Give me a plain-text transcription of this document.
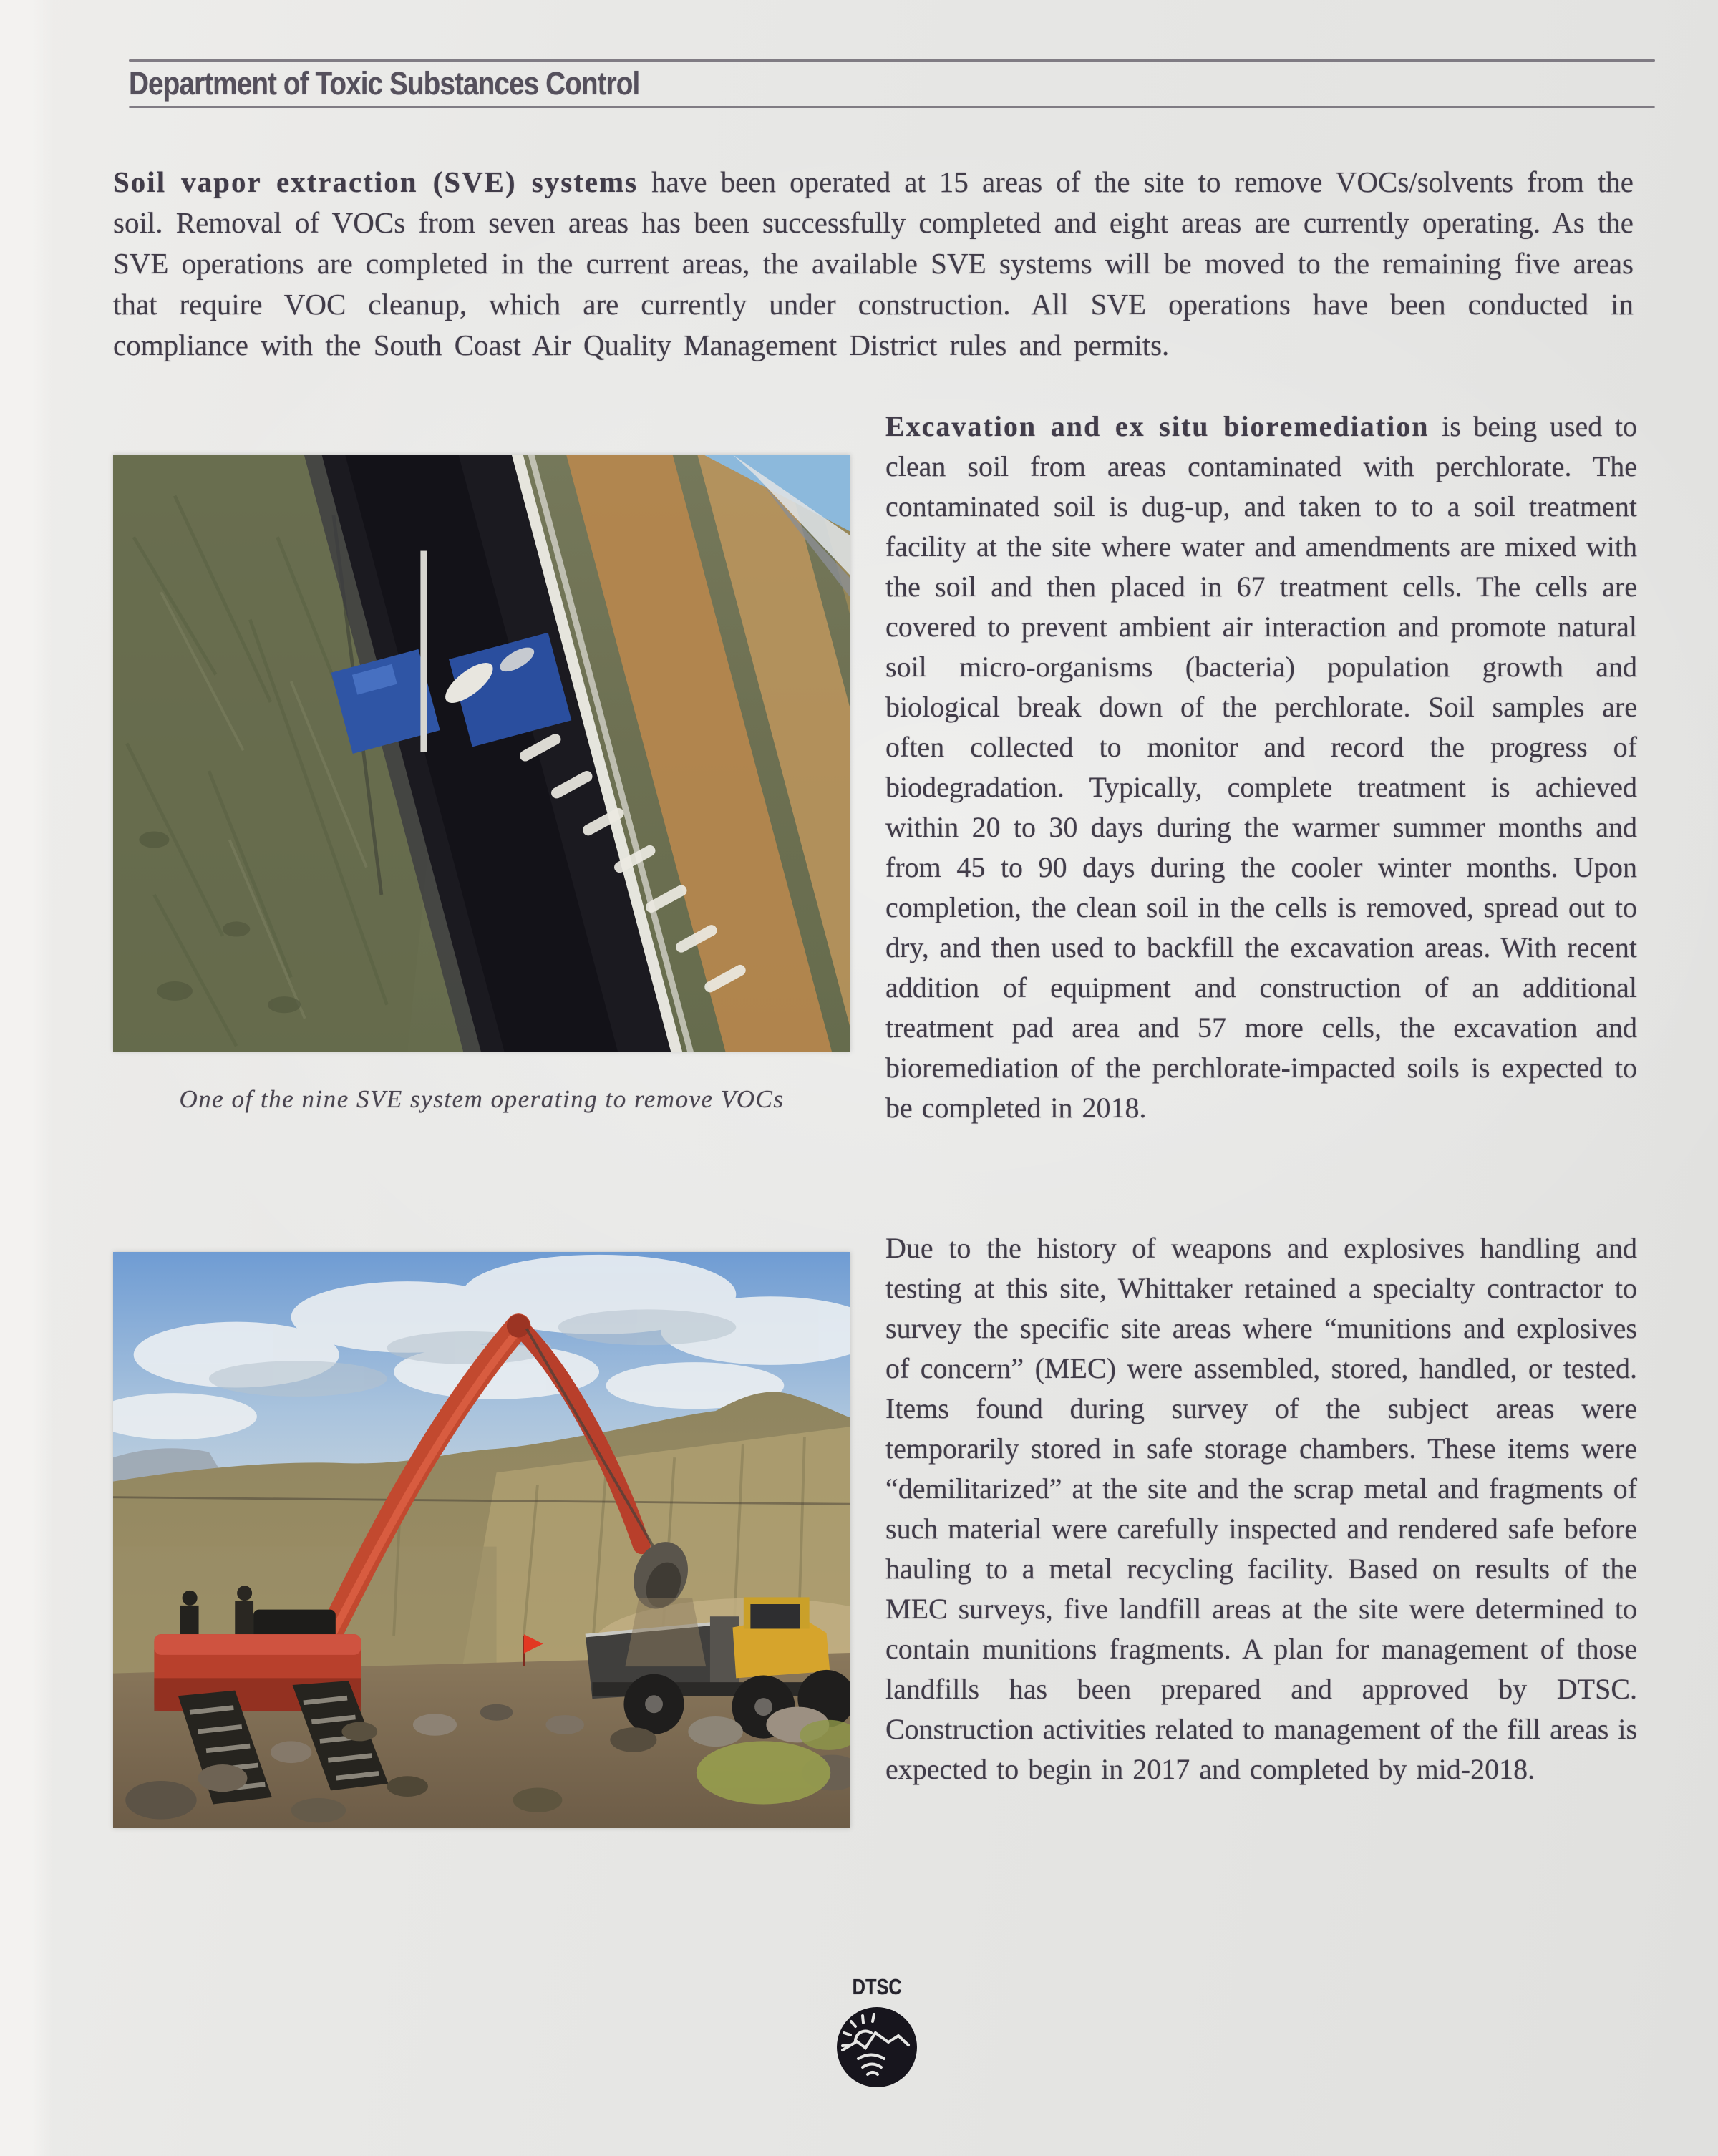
Department of Toxic Substances Control
Soil vapor extraction (SVE) systems have been operated at 15 areas of the site to remove VOCs/solvents from the soil. Removal of VOCs from seven areas has been successfully completed and eight areas are currently operating. As the SVE operations are completed in the current areas, the available SVE systems will be moved to the remaining five areas that require VOC cleanup, which are currently under construction. All SVE operations have been conducted in compliance with the South Coast Air Quality Management District rules and permits.
One of the nine SVE system operating to remove VOCs
Excavation and ex situ bioremediation is being used to clean soil from areas contaminated with perchlorate. The contaminated soil is dug-up, and taken to to a soil treatment facility at the site where water and amendments are mixed with the soil and then placed in 67 treatment cells. The cells are covered to prevent ambient air interaction and promote natural soil micro-organisms (bacteria) population growth and biological break down of the perchlorate. Soil samples are often collected to monitor and record the progress of biodegradation. Typically, complete treatment is achieved within 20 to 30 days during the warmer summer months and from 45 to 90 days during the cooler winter months. Upon completion, the clean soil in the cells is removed, spread out to dry, and then used to backfill the excavation areas. With recent addition of equipment and construction of an additional treatment pad area and 57 more cells, the excavation and bioremediation of the perchlorate-impacted soils is expected to be completed in 2018.
Due to the history of weapons and explosives handling and testing at this site, Whittaker retained a specialty contractor to survey the specific site areas where “munitions and explosives of concern” (MEC) were assembled, stored, handled, or tested. Items found during survey of the subject areas were temporarily stored in safe storage chambers. These items were “demilitarized” at the site and the scrap metal and fragments of such material were carefully inspected and rendered safe before hauling to a metal recycling facility. Based on results of the MEC surveys, five landfill areas at the site were determined to contain munitions fragments. A plan for management of those landfills has been prepared and approved by DTSC. Construction activities related to management of the fill areas is expected to begin in 2017 and completed by mid-2018.
DTSC
